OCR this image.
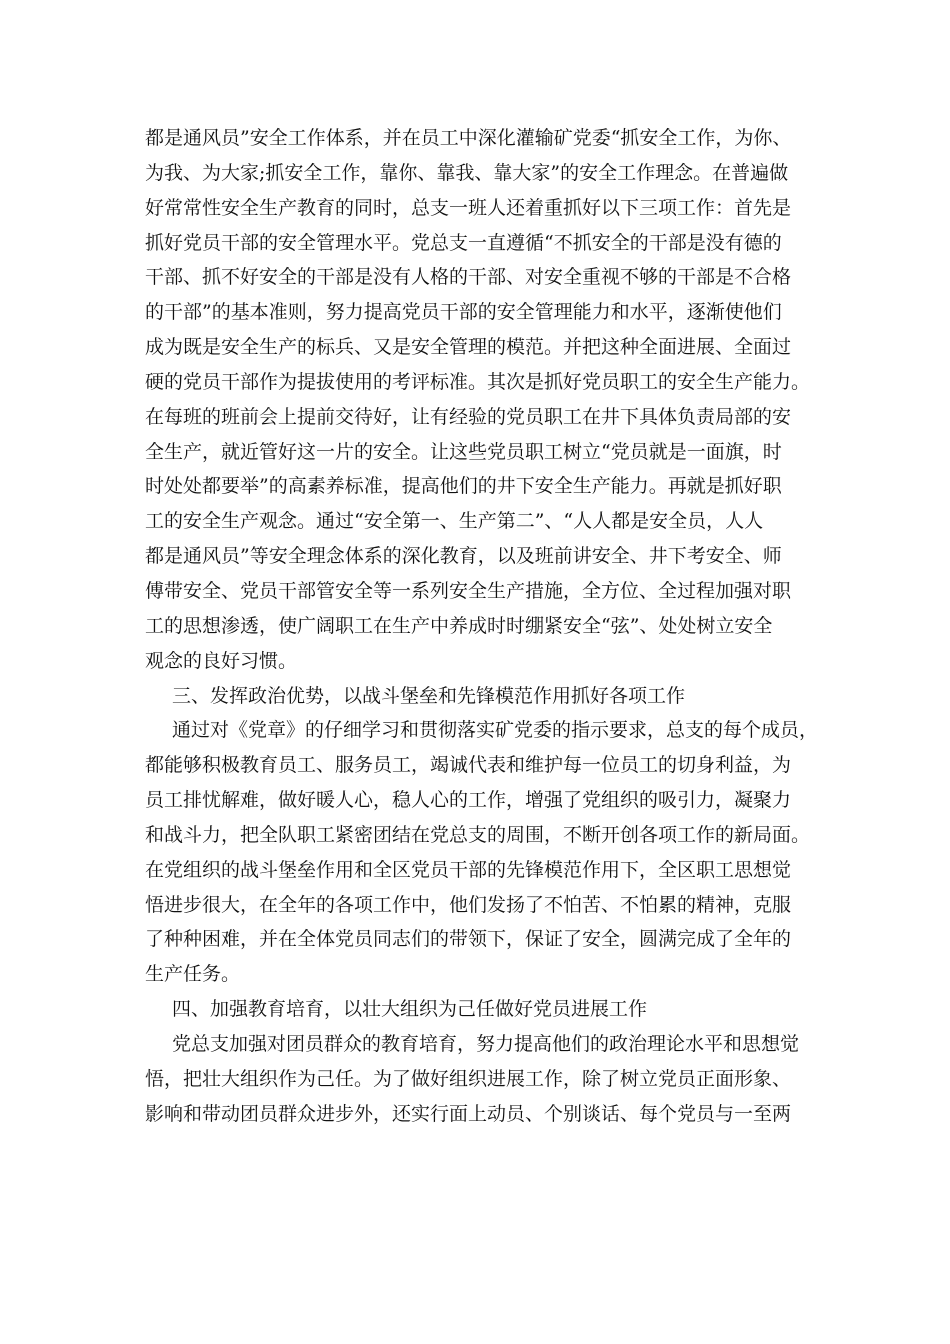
都是通风员”安全工作体系，并在员工中深化灌输矿党委“抓安全工作，为你、
为我、为大家;抓安全工作，靠你、靠我、靠大家”的安全工作理念。在普遍做
好常常性安全生产教育的同时，总支一班人还着重抓好以下三项工作：首先是
抓好党员干部的安全管理水平。党总支一直遵循“不抓安全的干部是没有德的
干部、抓不好安全的干部是没有人格的干部、对安全重视不够的干部是不合格
的干部”的基本准则，努力提高党员干部的安全管理能力和水平，逐渐使他们
成为既是安全生产的标兵、又是安全管理的模范。并把这种全面进展、全面过
硬的党员干部作为提拔使用的考评标准。其次是抓好党员职工的安全生产能力。
在每班的班前会上提前交待好，让有经验的党员职工在井下具体负责局部的安
全生产，就近管好这一片的安全。让这些党员职工树立“党员就是一面旗，时
时处处都要举”的高素养标准，提高他们的井下安全生产能力。再就是抓好职
工的安全生产观念。通过“安全第一、生产第二”、“人人都是安全员，人人
都是通风员”等安全理念体系的深化教育，以及班前讲安全、井下考安全、师
傅带安全、党员干部管安全等一系列安全生产措施，全方位、全过程加强对职
工的思想渗透，使广阔职工在生产中养成时时绷紧安全“弦”、处处树立安全
观念的良好习惯。
三、发挥政治优势，以战斗堡垒和先锋模范作用抓好各项工作
通过对《党章》的仔细学习和贯彻落实矿党委的指示要求，总支的每个成员，
都能够积极教育员工、服务员工，竭诚代表和维护每一位员工的切身利益，为
员工排忧解难，做好暖人心，稳人心的工作，增强了党组织的吸引力，凝聚力
和战斗力，把全队职工紧密团结在党总支的周围，不断开创各项工作的新局面。
在党组织的战斗堡垒作用和全区党员干部的先锋模范作用下，全区职工思想觉
悟进步很大，在全年的各项工作中，他们发扬了不怕苦、不怕累的精神，克服
了种种困难，并在全体党员同志们的带领下，保证了安全，圆满完成了全年的
生产任务。
四、加强教育培育，以壮大组织为己任做好党员进展工作
党总支加强对团员群众的教育培育，努力提高他们的政治理论水平和思想觉
悟，把壮大组织作为己任。为了做好组织进展工作，除了树立党员正面形象、
影响和带动团员群众进步外，还实行面上动员、个别谈话、每个党员与一至两
